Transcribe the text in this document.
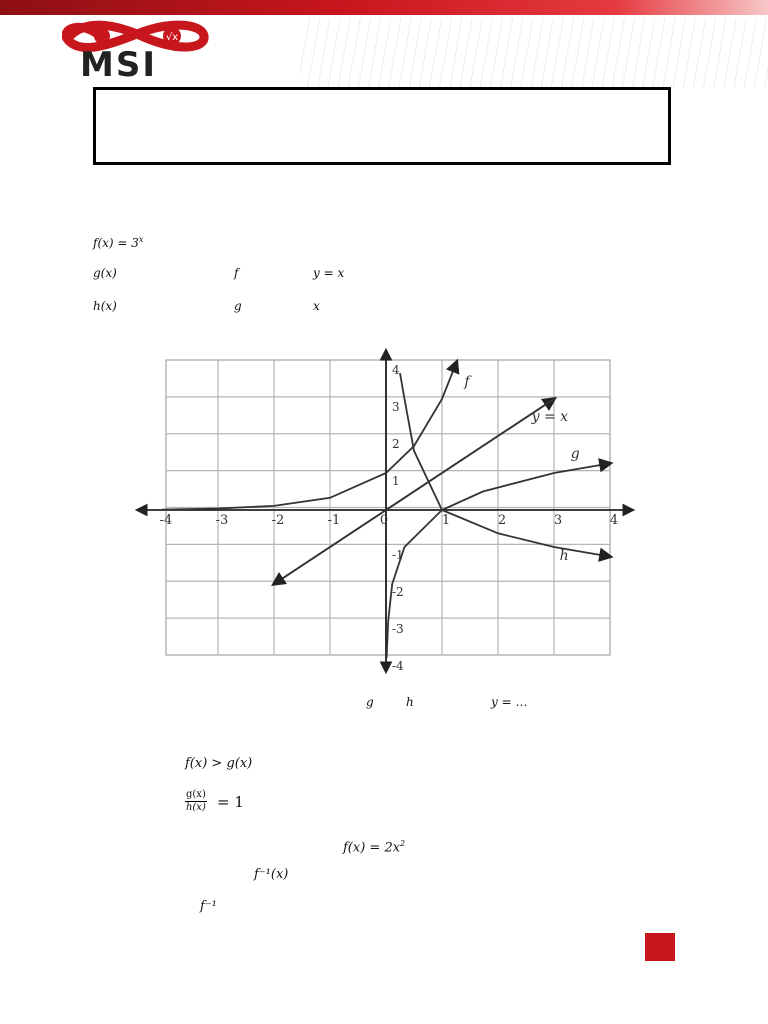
√x
MSI
$f(x) = 3^x$
g(x)	f	y = x
h(x)	g	x
-4	-3	-2	-1	0	1	2	3	4
4
3
2
1
-1
-2
-3
-4
f
y = x
g
h
g	h	y = …
f(x) > g(x)
$\frac{g(x)}{h(x)} = 1$
$f(x) = 2x^2$
f⁻¹(x)
f⁻¹
